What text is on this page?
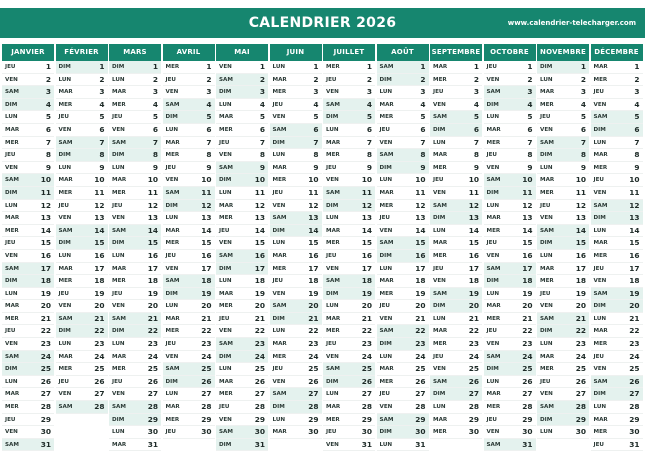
CALENDRIER 2026	www.calendrier-telecharger.com
JANVIER
JEU	1
VEN	2
SAM	3
DIM	4
LUN	5
MAR	6
MER	7
JEU	8
VEN	9
SAM	10
DIM	11
LUN	12
MAR	13
MER	14
JEU	15
VEN	16
SAM	17
DIM	18
LUN	19
MAR	20
MER	21
JEU	22
VEN	23
SAM	24
DIM	25
LUN	26
MAR	27
MER	28
JEU	29
VEN	30
SAM	31
FÉVRIER
DIM	1
LUN	2
MAR	3
MER	4
JEU	5
VEN	6
SAM	7
DIM	8
LUN	9
MAR	10
MER	11
JEU	12
VEN	13
SAM	14
DIM	15
LUN	16
MAR	17
MER	18
JEU	19
VEN	20
SAM	21
DIM	22
LUN	23
MAR	24
MER	25
JEU	26
VEN	27
SAM	28
MARS
DIM	1
LUN	2
MAR	3
MER	4
JEU	5
VEN	6
SAM	7
DIM	8
LUN	9
MAR	10
MER	11
JEU	12
VEN	13
SAM	14
DIM	15
LUN	16
MAR	17
MER	18
JEU	19
VEN	20
SAM	21
DIM	22
LUN	23
MAR	24
MER	25
JEU	26
VEN	27
SAM	28
DIM	29
LUN	30
MAR	31
AVRIL
MER	1
JEU	2
VEN	3
SAM	4
DIM	5
LUN	6
MAR	7
MER	8
JEU	9
VEN	10
SAM	11
DIM	12
LUN	13
MAR	14
MER	15
JEU	16
VEN	17
SAM	18
DIM	19
LUN	20
MAR	21
MER	22
JEU	23
VEN	24
SAM	25
DIM	26
LUN	27
MAR	28
MER	29
JEU	30
MAI
VEN	1
SAM	2
DIM	3
LUN	4
MAR	5
MER	6
JEU	7
VEN	8
SAM	9
DIM	10
LUN	11
MAR	12
MER	13
JEU	14
VEN	15
SAM	16
DIM	17
LUN	18
MAR	19
MER	20
JEU	21
VEN	22
SAM	23
DIM	24
LUN	25
MAR	26
MER	27
JEU	28
VEN	29
SAM	30
DIM	31
JUIN
LUN	1
MAR	2
MER	3
JEU	4
VEN	5
SAM	6
DIM	7
LUN	8
MAR	9
MER	10
JEU	11
VEN	12
SAM	13
DIM	14
LUN	15
MAR	16
MER	17
JEU	18
VEN	19
SAM	20
DIM	21
LUN	22
MAR	23
MER	24
JEU	25
VEN	26
SAM	27
DIM	28
LUN	29
MAR	30
JUILLET
MER	1
JEU	2
VEN	3
SAM	4
DIM	5
LUN	6
MAR	7
MER	8
JEU	9
VEN	10
SAM	11
DIM	12
LUN	13
MAR	14
MER	15
JEU	16
VEN	17
SAM	18
DIM	19
LUN	20
MAR	21
MER	22
JEU	23
VEN	24
SAM	25
DIM	26
LUN	27
MAR	28
MER	29
JEU	30
VEN	31
AOÛT
SAM	1
DIM	2
LUN	3
MAR	4
MER	5
JEU	6
VEN	7
SAM	8
DIM	9
LUN	10
MAR	11
MER	12
JEU	13
VEN	14
SAM	15
DIM	16
LUN	17
MAR	18
MER	19
JEU	20
VEN	21
SAM	22
DIM	23
LUN	24
MAR	25
MER	26
JEU	27
VEN	28
SAM	29
DIM	30
LUN	31
SEPTEMBRE
MAR	1
MER	2
JEU	3
VEN	4
SAM	5
DIM	6
LUN	7
MAR	8
MER	9
JEU	10
VEN	11
SAM	12
DIM	13
LUN	14
MAR	15
MER	16
JEU	17
VEN	18
SAM	19
DIM	20
LUN	21
MAR	22
MER	23
JEU	24
VEN	25
SAM	26
DIM	27
LUN	28
MAR	29
MER	30
OCTOBRE
JEU	1
VEN	2
SAM	3
DIM	4
LUN	5
MAR	6
MER	7
JEU	8
VEN	9
SAM	10
DIM	11
LUN	12
MAR	13
MER	14
JEU	15
VEN	16
SAM	17
DIM	18
LUN	19
MAR	20
MER	21
JEU	22
VEN	23
SAM	24
DIM	25
LUN	26
MAR	27
MER	28
JEU	29
VEN	30
SAM	31
NOVEMBRE
DIM	1
LUN	2
MAR	3
MER	4
JEU	5
VEN	6
SAM	7
DIM	8
LUN	9
MAR	10
MER	11
JEU	12
VEN	13
SAM	14
DIM	15
LUN	16
MAR	17
MER	18
JEU	19
VEN	20
SAM	21
DIM	22
LUN	23
MAR	24
MER	25
JEU	26
VEN	27
SAM	28
DIM	29
LUN	30
DÉCEMBRE
MAR	1
MER	2
JEU	3
VEN	4
SAM	5
DIM	6
LUN	7
MAR	8
MER	9
JEU	10
VEN	11
SAM	12
DIM	13
LUN	14
MAR	15
MER	16
JEU	17
VEN	18
SAM	19
DIM	20
LUN	21
MAR	22
MER	23
JEU	24
VEN	25
SAM	26
DIM	27
LUN	28
MAR	29
MER	30
JEU	31
